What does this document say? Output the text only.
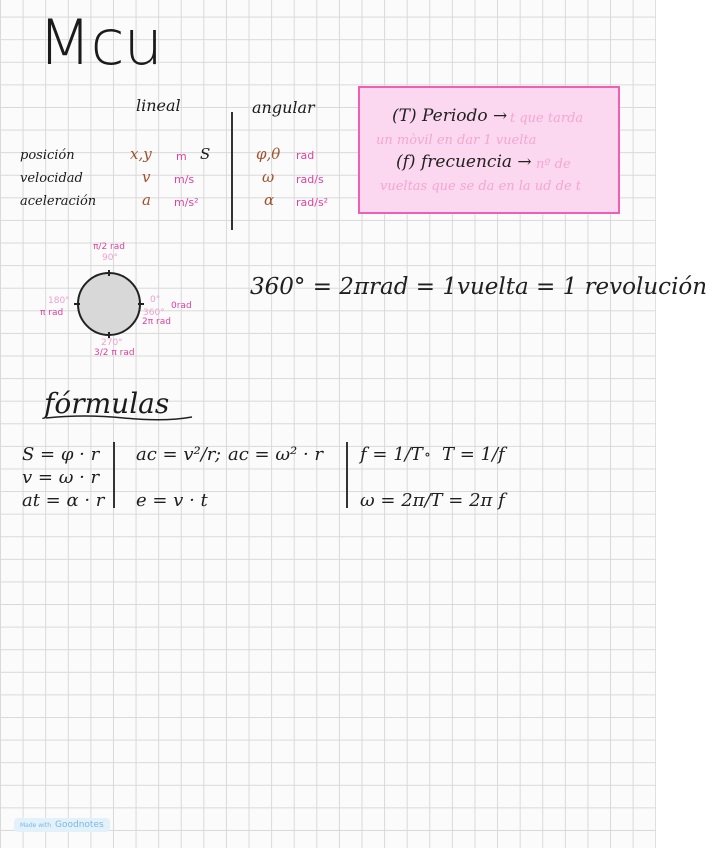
Mcu
lineal	angular
posición	x,y m S	φ,θ rad
velocidad	v m/s	ω rad/s
aceleración	a m/s²	α rad/s²
(T) Periodo → t que tarda
un mòvil en dar 1 vuelta
(f) frecuencia → nº de
vueltas que se da en la ud de t
π/2 rad
90°
180°
π rad
0°
0rad
360°
2π rad
270°
3/2 π rad
360° = 2πrad = 1vuelta = 1 revolución
fórmulas
S = φ · r
v = ω · r
at = α · r
ac = v²/r ; ac = ω² · r
e = v · t
f = 1/T ∘ T = 1/f
ω = 2π/T = 2π f
Made with Goodnotes
